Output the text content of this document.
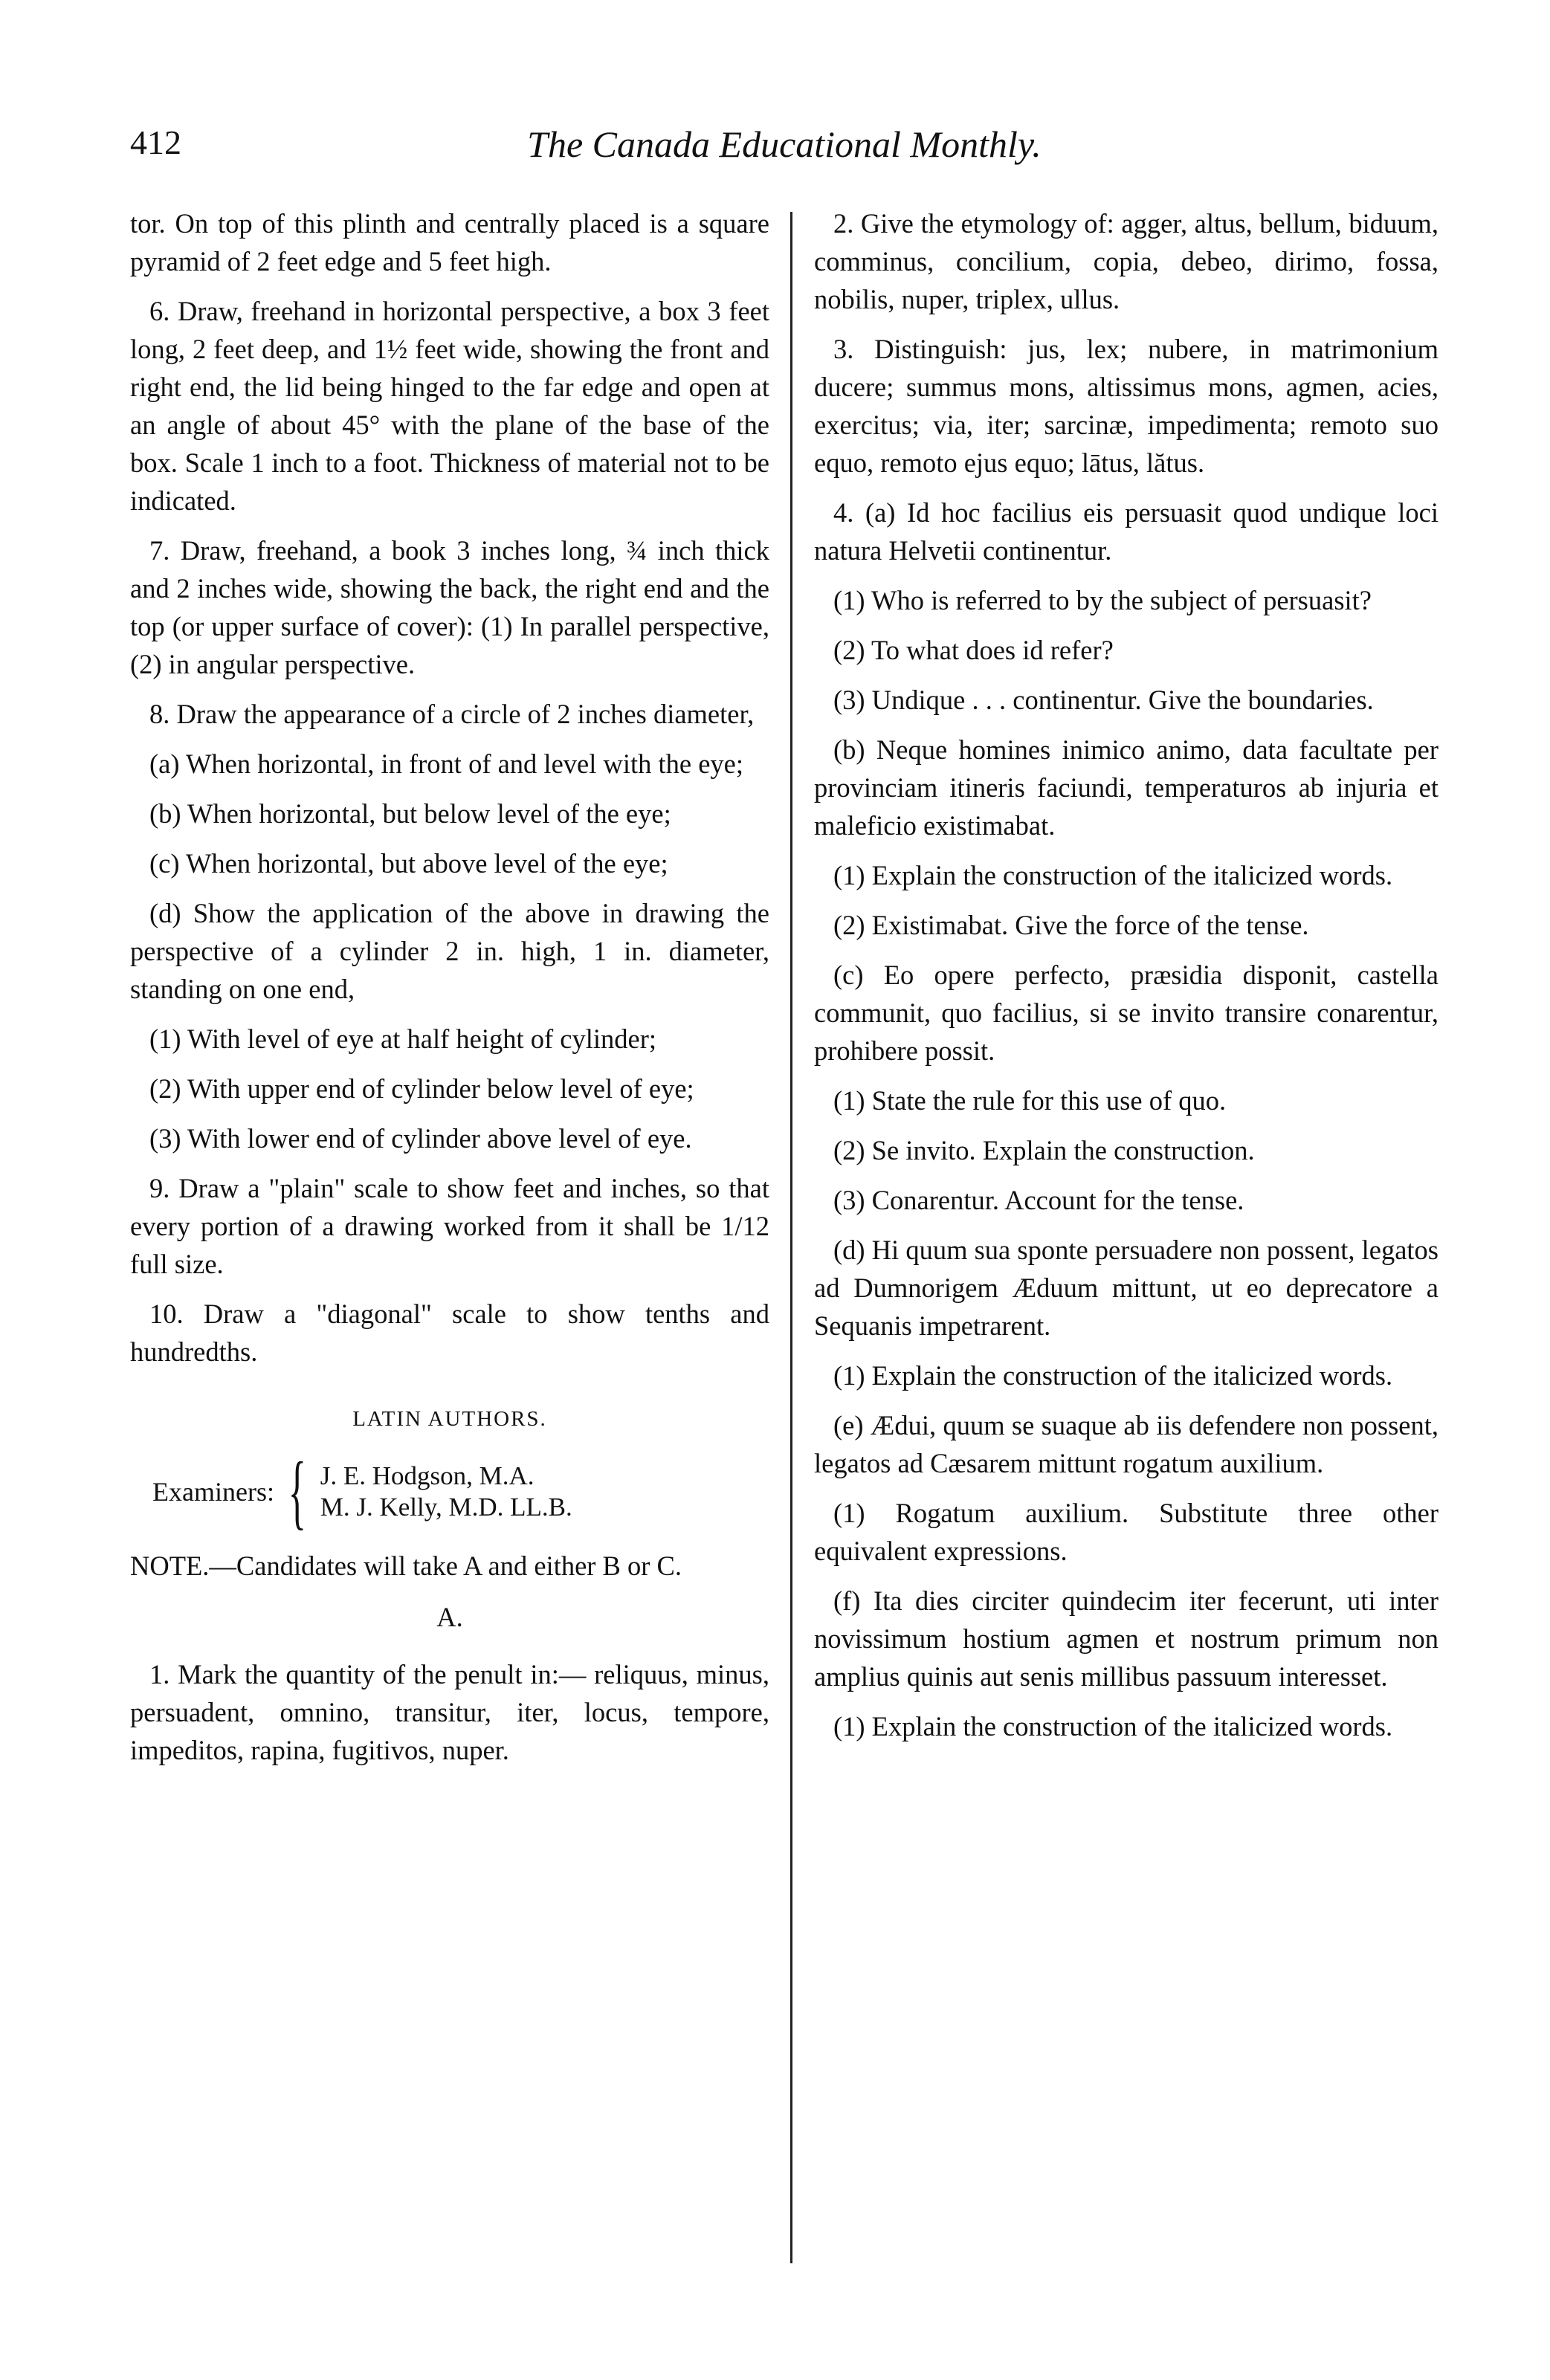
412	The Canada Educational Monthly.

tor. On top of this plinth and centrally placed is a square pyramid of 2 feet edge and 5 feet high.

6. Draw, freehand in horizontal perspective, a box 3 feet long, 2 feet deep, and 1½ feet wide, showing the front and right end, the lid being hinged to the far edge and open at an angle of about 45° with the plane of the base of the box. Scale 1 inch to a foot. Thickness of material not to be indicated.

7. Draw, freehand, a book 3 inches long, ¾ inch thick and 2 inches wide, showing the back, the right end and the top (or upper surface of cover): (1) In parallel perspective, (2) in angular perspective.

8. Draw the appearance of a circle of 2 inches diameter,

(a) When horizontal, in front of and level with the eye;

(b) When horizontal, but below level of the eye;

(c) When horizontal, but above level of the eye;

(d) Show the application of the above in drawing the perspective of a cylinder 2 in. high, 1 in. diameter, standing on one end,

(1) With level of eye at half height of cylinder;

(2) With upper end of cylinder below level of eye;

(3) With lower end of cylinder above level of eye.

9. Draw a "plain" scale to show feet and inches, so that every portion of a drawing worked from it shall be 1/12 full size.

10. Draw a "diagonal" scale to show tenths and hundredths.

LATIN AUTHORS.
Examiners: { J. E. Hodgson, M.A.
M. J. Kelly, M.D. LL.B.

NOTE.—Candidates will take A and either B or C.

A.

1. Mark the quantity of the penult in:— reliquus, minus, persuadent, omnino, transitur, iter, locus, tempore, impeditos, rapina, fugitivos, nuper.

2. Give the etymology of: agger, altus, bellum, biduum, comminus, concilium, copia, debeo, dirimo, fossa, nobilis, nuper, triplex, ullus.

3. Distinguish: jus, lex; nubere, in matrimonium ducere; summus mons, altissimus mons, agmen, acies, exercitus; via, iter; sarcinæ, impedimenta; remoto suo equo, remoto ejus equo; lātus, lătus.

4. (a) Id hoc facilius eis persuasit quod undique loci natura Helvetii continentur.

(1) Who is referred to by the subject of persuasit?

(2) To what does id refer?

(3) Undique . . . continentur. Give the boundaries.

(b) Neque homines inimico animo, data facultate per provinciam itineris faciundi, temperaturos ab injuria et maleficio existimabat.

(1) Explain the construction of the italicized words.

(2) Existimabat. Give the force of the tense.

(c) Eo opere perfecto, præsidia disponit, castella communit, quo facilius, si se invito transire conarentur, prohibere possit.

(1) State the rule for this use of quo.

(2) Se invito. Explain the construction.

(3) Conarentur. Account for the tense.

(d) Hi quum sua sponte persuadere non possent, legatos ad Dumnorigem Æduum mittunt, ut eo deprecatore a Sequanis impetrarent.

(1) Explain the construction of the italicized words.

(e) Ædui, quum se suaque ab iis defendere non possent, legatos ad Cæsarem mittunt rogatum auxilium.

(1) Rogatum auxilium. Substitute three other equivalent expressions.

(f) Ita dies circiter quindecim iter fecerunt, uti inter novissimum hostium agmen et nostrum primum non amplius quinis aut senis millibus passuum interesset.

(1) Explain the construction of the italicized words.
